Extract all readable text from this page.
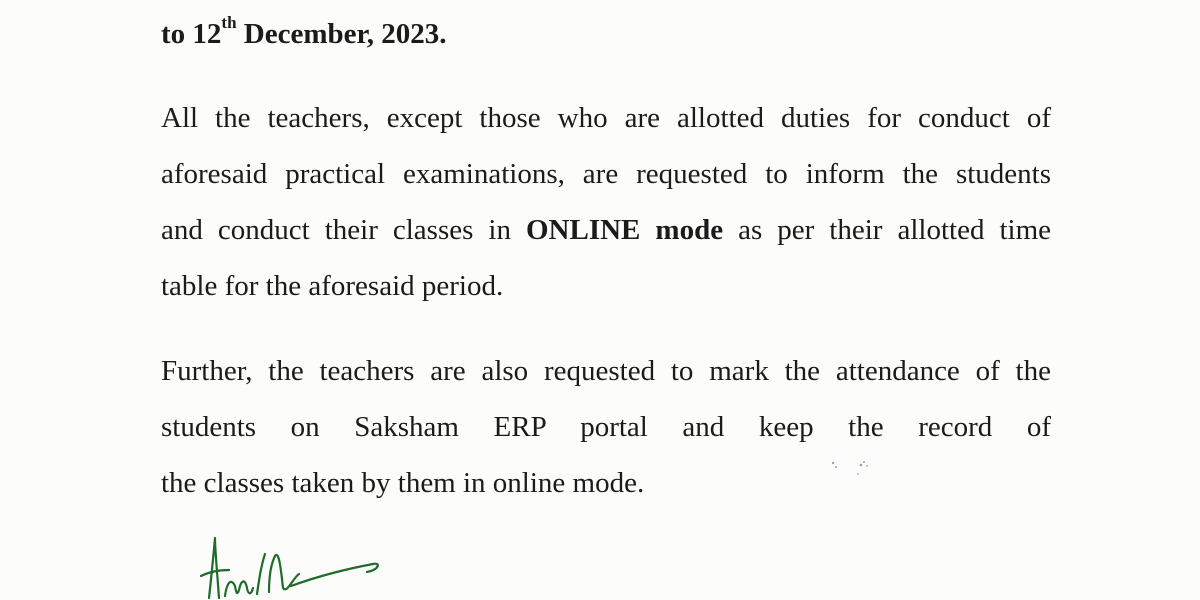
to 12th December, 2023.
All the teachers, except those who are allotted duties for conduct of
aforesaid practical examinations, are requested to inform the students
and conduct their classes in ONLINE mode as per their allotted time
table for the aforesaid period.
Further, the teachers are also requested to mark the attendance of the
students on Saksham ERP portal and keep the record of
the classes taken by them in online mode.
